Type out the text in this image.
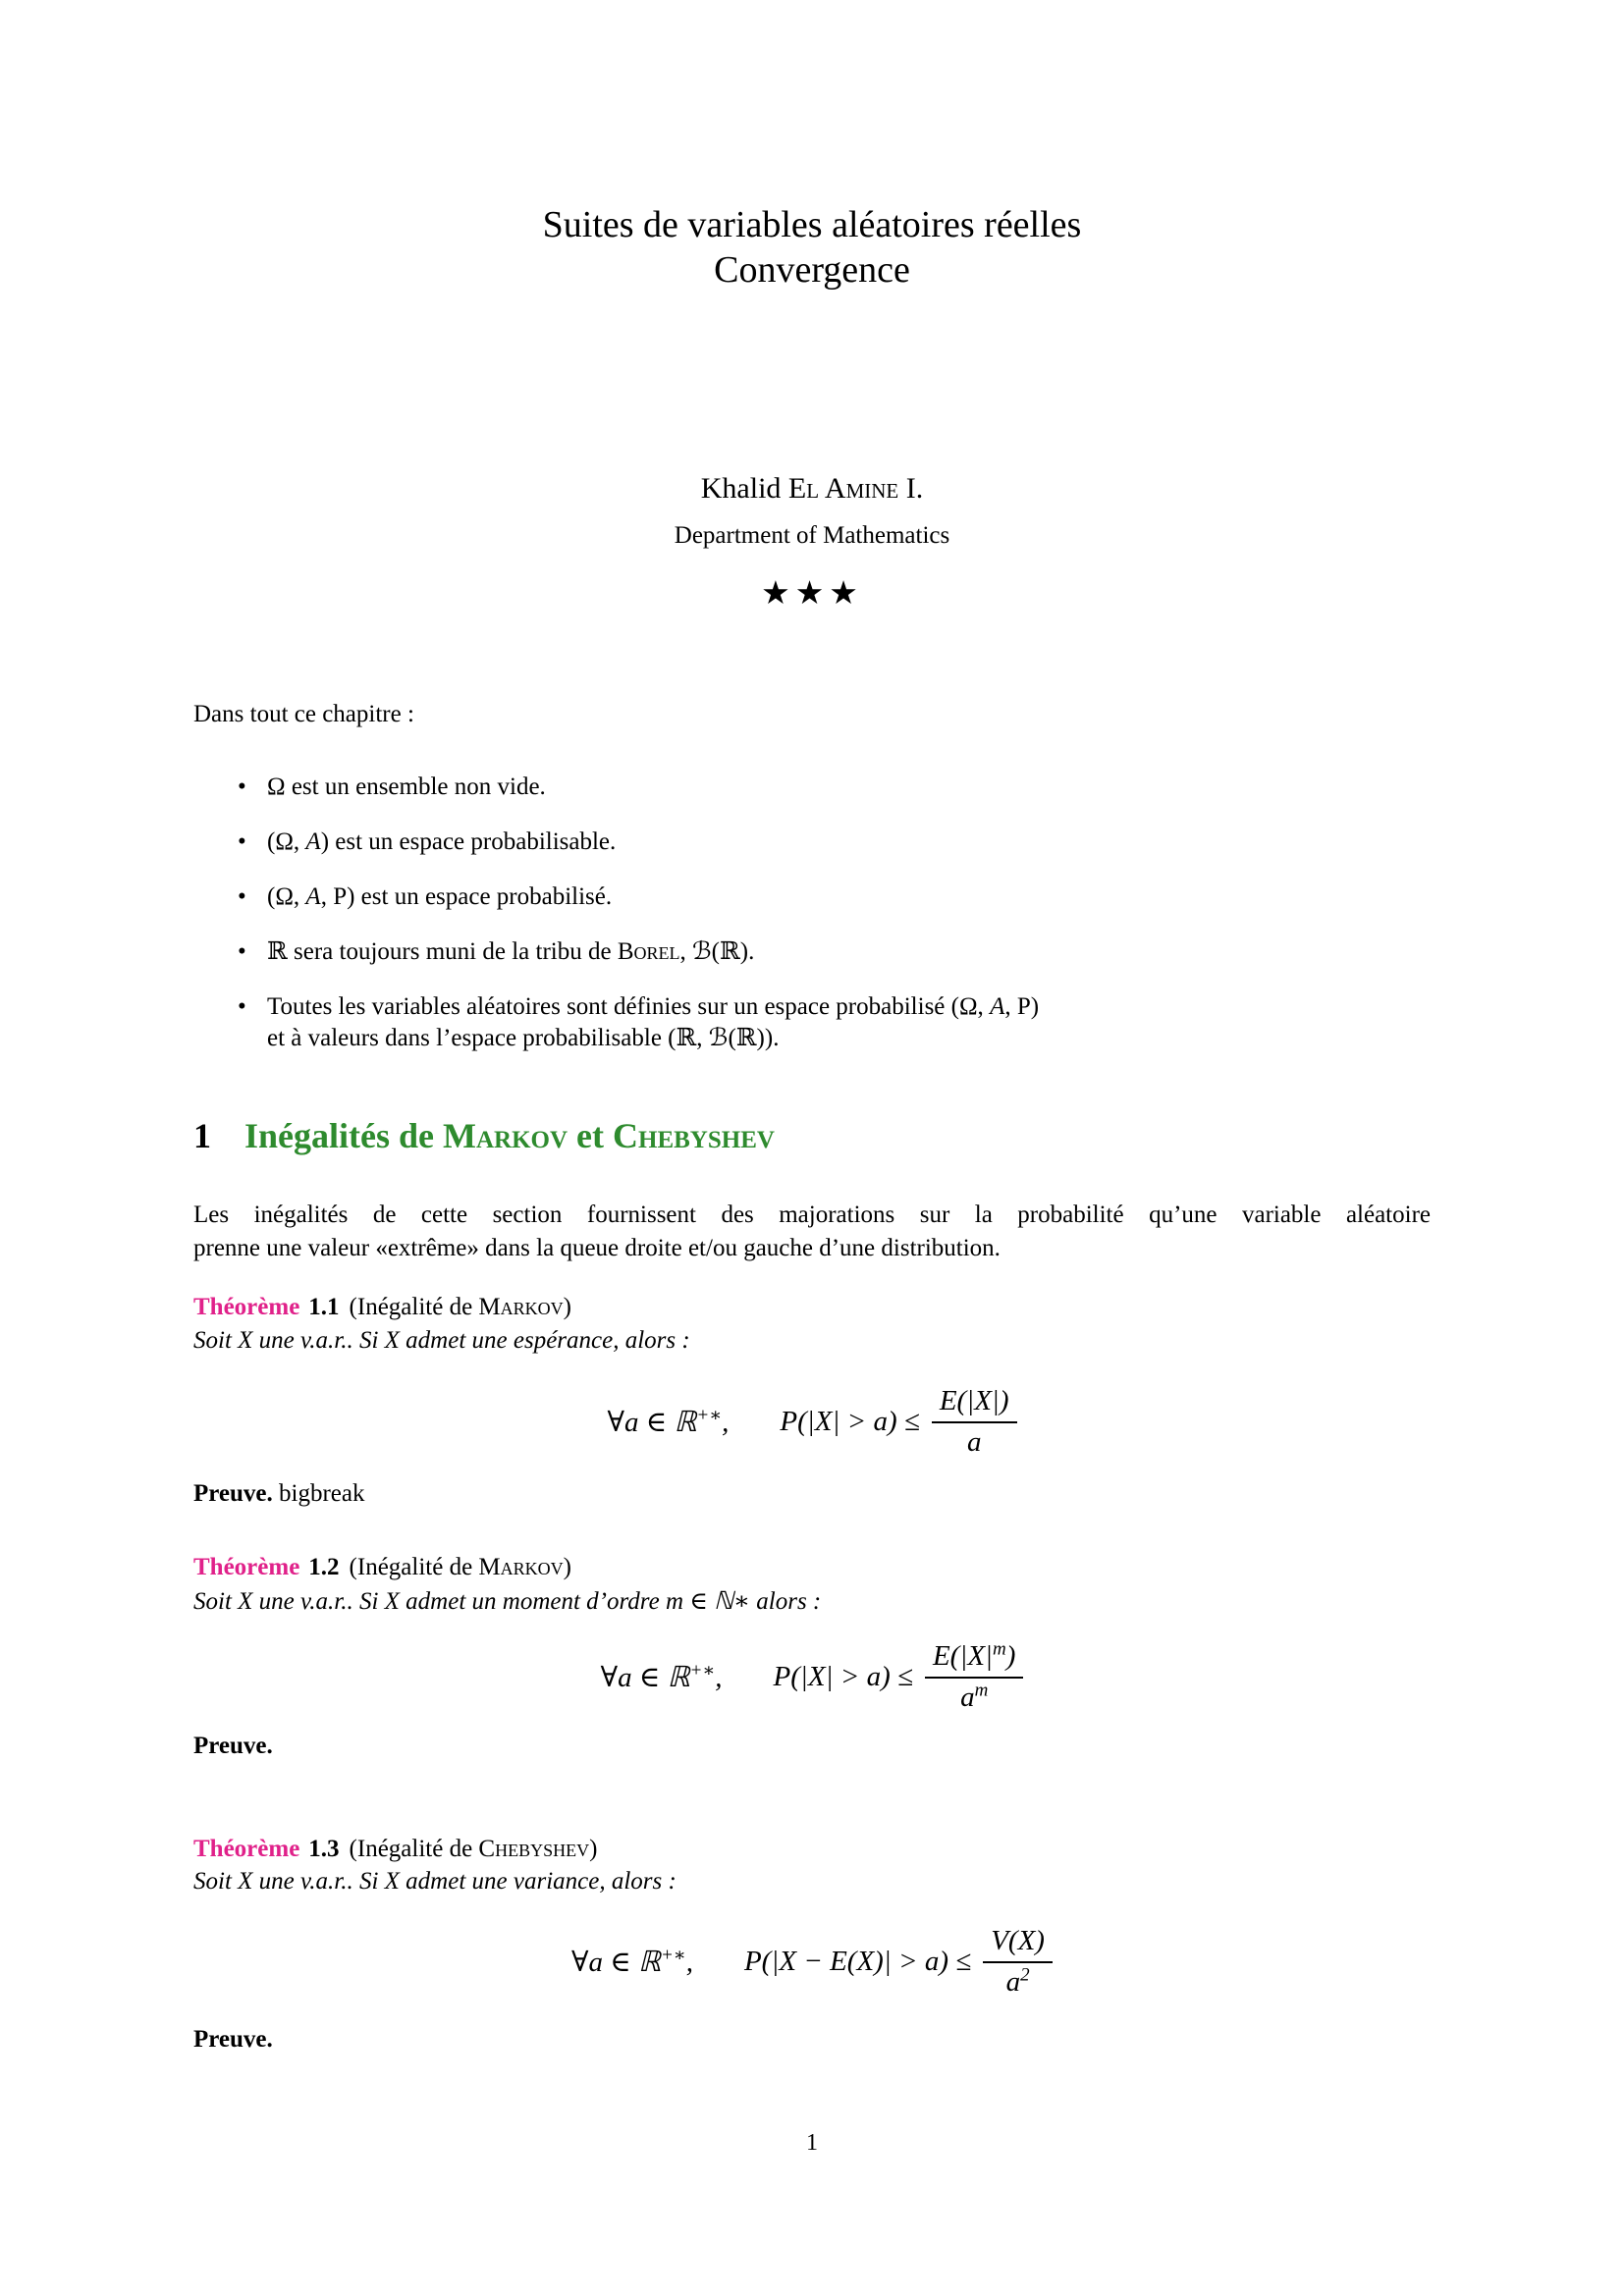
Suites de variables aléatoires réelles
Convergence
Khalid El Amine I.
Department of Mathematics
★★★
Dans tout ce chapitre :
• Ω est un ensemble non vide.
• (Ω, A) est un espace probabilisable.
• (Ω, A, P) est un espace probabilisé.
• ℝ sera toujours muni de la tribu de Borel, ℬ(ℝ).
• Toutes les variables aléatoires sont définies sur un espace probabilisé (Ω, A, P)
et à valeurs dans l’espace probabilisable (ℝ, ℬ(ℝ)).
1 Inégalités de Markov et Chebyshev
Les inégalités de cette section fournissent des majorations sur la probabilité qu’une variable aléatoire
prenne une valeur «extrême» dans la queue droite et/ou gauche d’une distribution.
Théorème 1.1 (Inégalité de Markov)
Soit X une v.a.r.. Si X admet une espérance, alors :
∀a ∈ ℝ+∗, $P(|X| > a) \le \frac{E(|X|)}{a}$
Preuve. bigbreak
Théorème 1.2 (Inégalité de Markov)
Soit X une v.a.r.. Si X admet un moment d’ordre m ∈ ℕ∗ alors :
∀a ∈ ℝ+∗, $P(|X| > a) \le \frac{E(|X|^m)}{a^m}$
Preuve.
Théorème 1.3 (Inégalité de Chebyshev)
Soit X une v.a.r.. Si X admet une variance, alors :
∀a ∈ ℝ+∗, $P(|X - E(X)| > a) \le \frac{V(X)}{a^2}$
Preuve.
1
